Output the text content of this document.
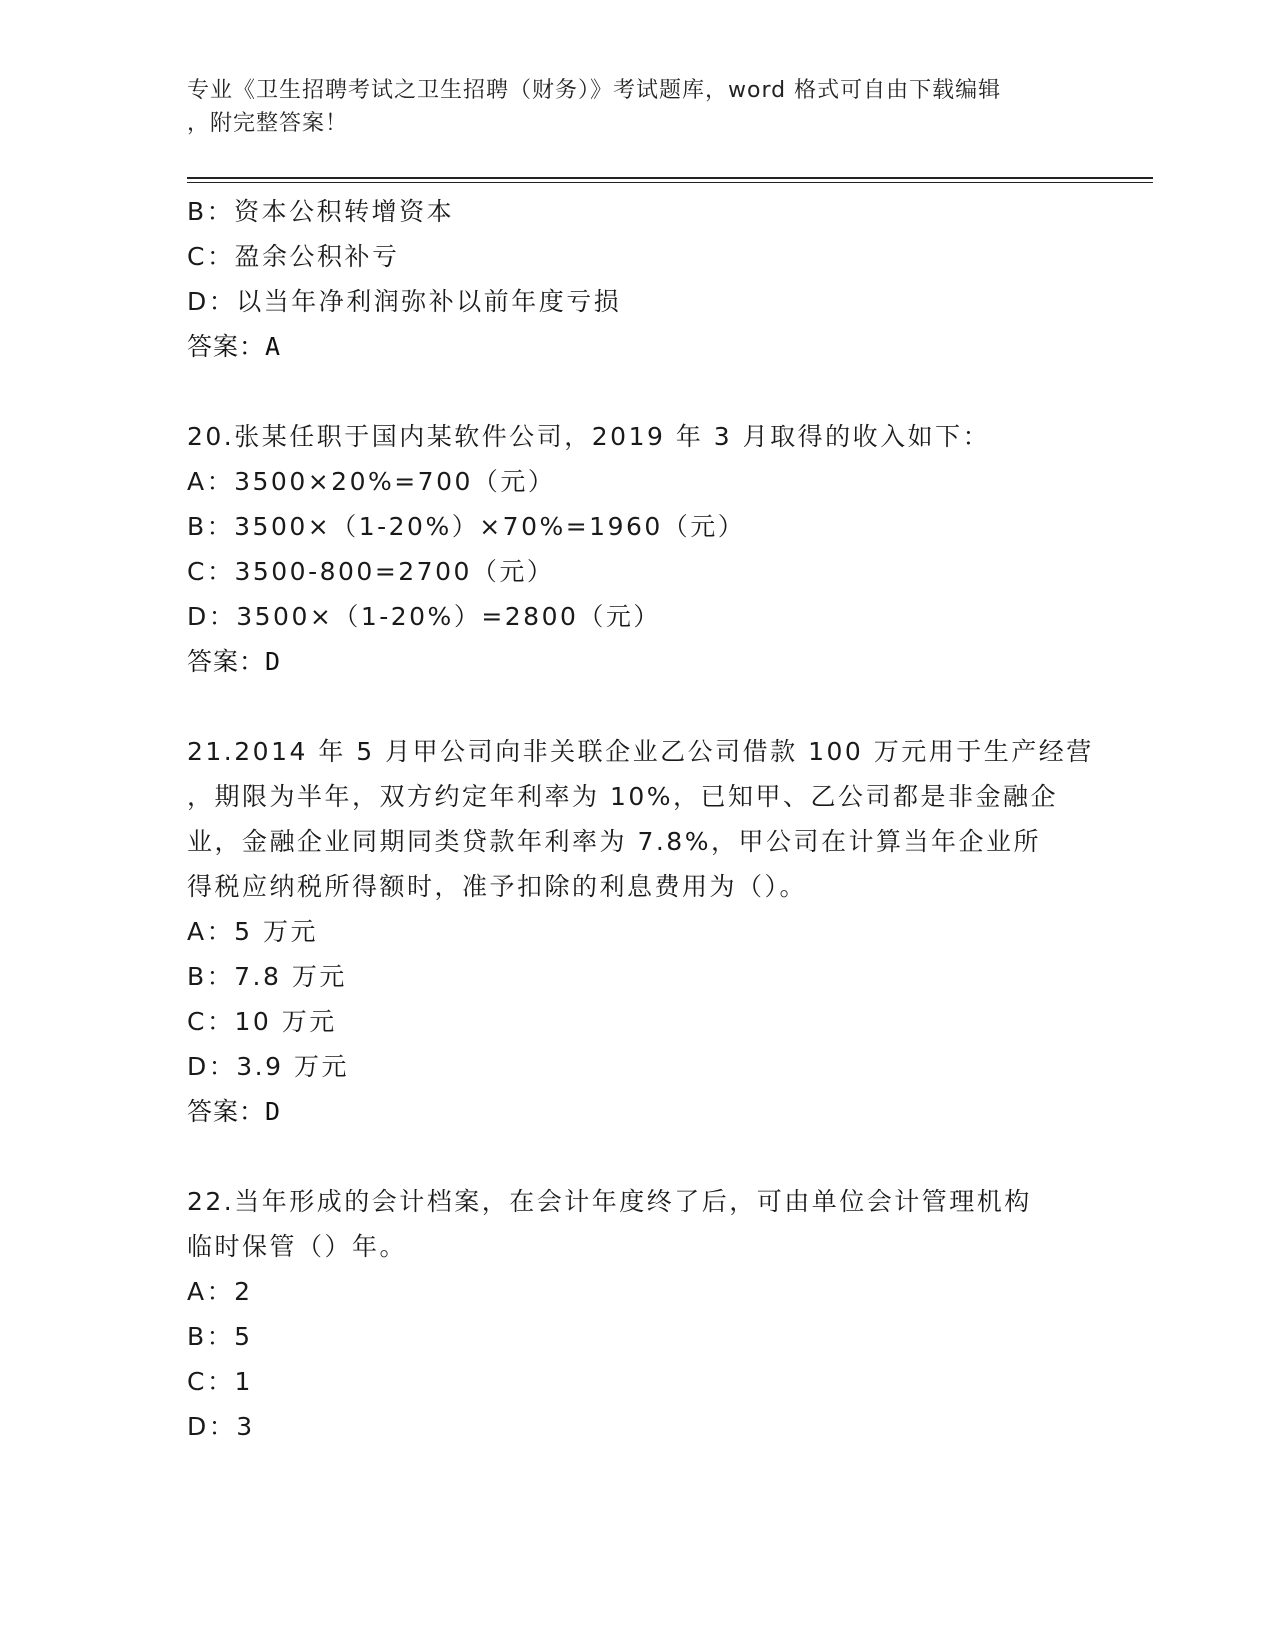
专业《卫生招聘考试之卫生招聘（财务）》考试题库，word 格式可自由下载编辑
，附完整答案！
B：资本公积转增资本
C：盈余公积补亏
D：以当年净利润弥补以前年度亏损
答案：A
20.张某任职于国内某软件公司，2019 年 3 月取得的收入如下：
A：3500×20%=700（元）
B：3500×（1-20%）×70%=1960（元）
C：3500-800=2700（元）
D：3500×（1-20%）=2800（元）
答案：D
21.2014 年 5 月甲公司向非关联企业乙公司借款 100 万元用于生产经营
，期限为半年，双方约定年利率为 10%，已知甲、乙公司都是非金融企
业，金融企业同期同类贷款年利率为 7.8%，甲公司在计算当年企业所
得税应纳税所得额时，准予扣除的利息费用为（）。
A：5 万元
B：7.8 万元
C：10 万元
D：3.9 万元
答案：D
22.当年形成的会计档案，在会计年度终了后，可由单位会计管理机构
临时保管（）年。
A：2
B：5
C：1
D：3
